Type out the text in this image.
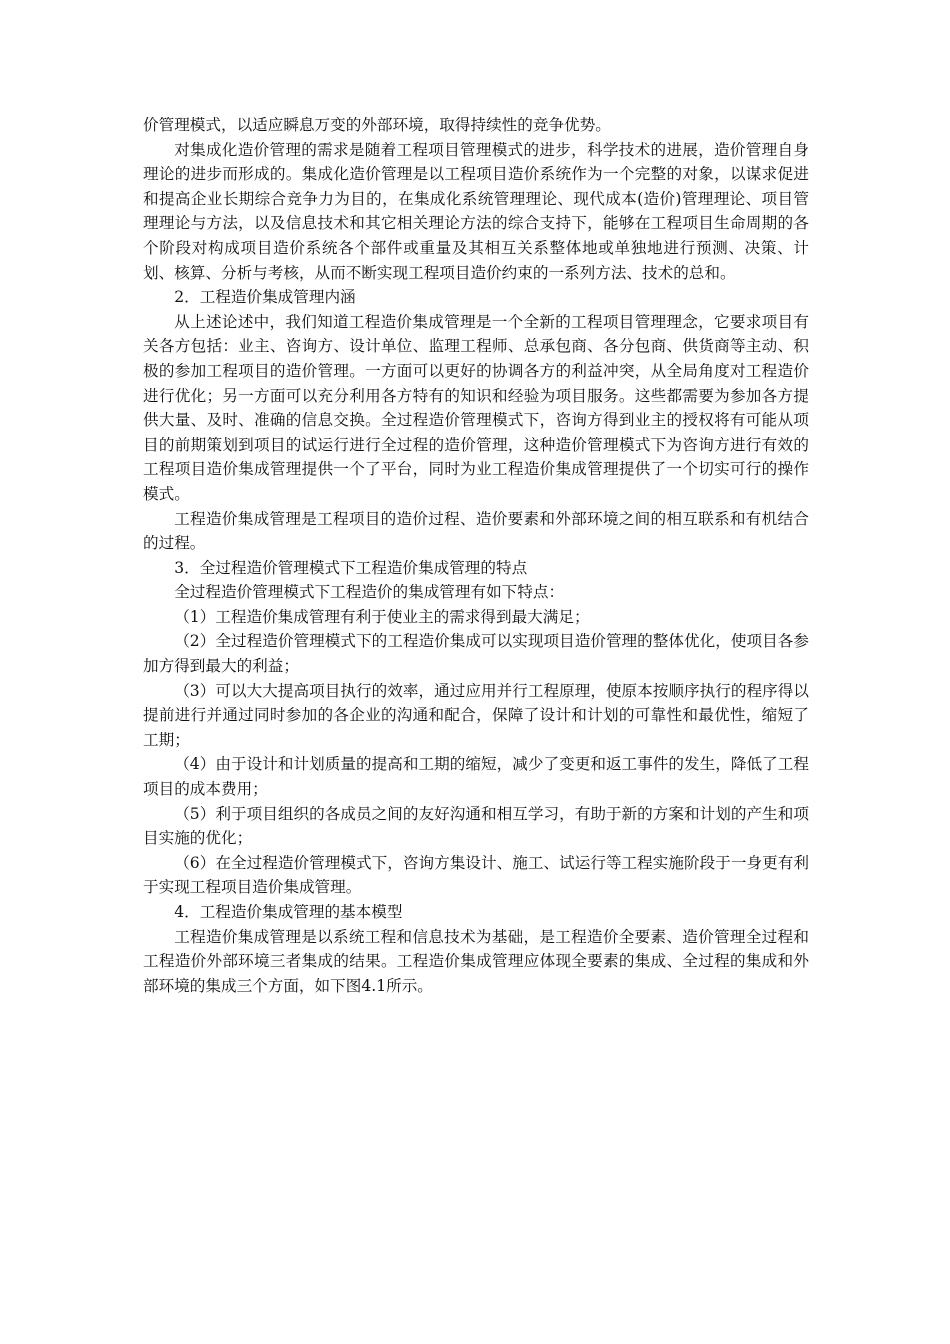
价管理模式，以适应瞬息万变的外部环境，取得持续性的竞争优势。

对集成化造价管理的需求是随着工程项目管理模式的进步，科学技术的进展，造价管理自身理论的进步而形成的。集成化造价管理是以工程项目造价系统作为一个完整的对象，以谋求促进和提高企业长期综合竞争力为目的，在集成化系统管理理论、现代成本(造价)管理理论、项目管理理论与方法，以及信息技术和其它相关理论方法的综合支持下，能够在工程项目生命周期的各个阶段对构成项目造价系统各个部件或重量及其相互关系整体地或单独地进行预测、决策、计划、核算、分析与考核，从而不断实现工程项目造价约束的一系列方法、技术的总和。

2．工程造价集成管理内涵

从上述论述中，我们知道工程造价集成管理是一个全新的工程项目管理理念，它要求项目有关各方包括：业主、咨询方、设计单位、监理工程师、总承包商、各分包商、供货商等主动、积极的参加工程项目的造价管理。一方面可以更好的协调各方的利益冲突，从全局角度对工程造价进行优化；另一方面可以充分利用各方特有的知识和经验为项目服务。这些都需要为参加各方提供大量、及时、准确的信息交换。全过程造价管理模式下，咨询方得到业主的授权将有可能从项目的前期策划到项目的试运行进行全过程的造价管理，这种造价管理模式下为咨询方进行有效的工程项目造价集成管理提供一个了平台，同时为业工程造价集成管理提供了一个切实可行的操作模式。

工程造价集成管理是工程项目的造价过程、造价要素和外部环境之间的相互联系和有机结合的过程。

3．全过程造价管理模式下工程造价集成管理的特点

全过程造价管理模式下工程造价的集成管理有如下特点：

（1）工程造价集成管理有利于使业主的需求得到最大满足；

（2）全过程造价管理模式下的工程造价集成可以实现项目造价管理的整体优化，使项目各参加方得到最大的利益；

（3）可以大大提高项目执行的效率，通过应用并行工程原理，使原本按顺序执行的程序得以提前进行并通过同时参加的各企业的沟通和配合，保障了设计和计划的可靠性和最优性，缩短了工期；

（4）由于设计和计划质量的提高和工期的缩短，减少了变更和返工事件的发生，降低了工程项目的成本费用；

（5）利于项目组织的各成员之间的友好沟通和相互学习，有助于新的方案和计划的产生和项目实施的优化；

（6）在全过程造价管理模式下，咨询方集设计、施工、试运行等工程实施阶段于一身更有利于实现工程项目造价集成管理。

4．工程造价集成管理的基本模型

工程造价集成管理是以系统工程和信息技术为基础，是工程造价全要素、造价管理全过程和工程造价外部环境三者集成的结果。工程造价集成管理应体现全要素的集成、全过程的集成和外部环境的集成三个方面，如下图4.1所示。
